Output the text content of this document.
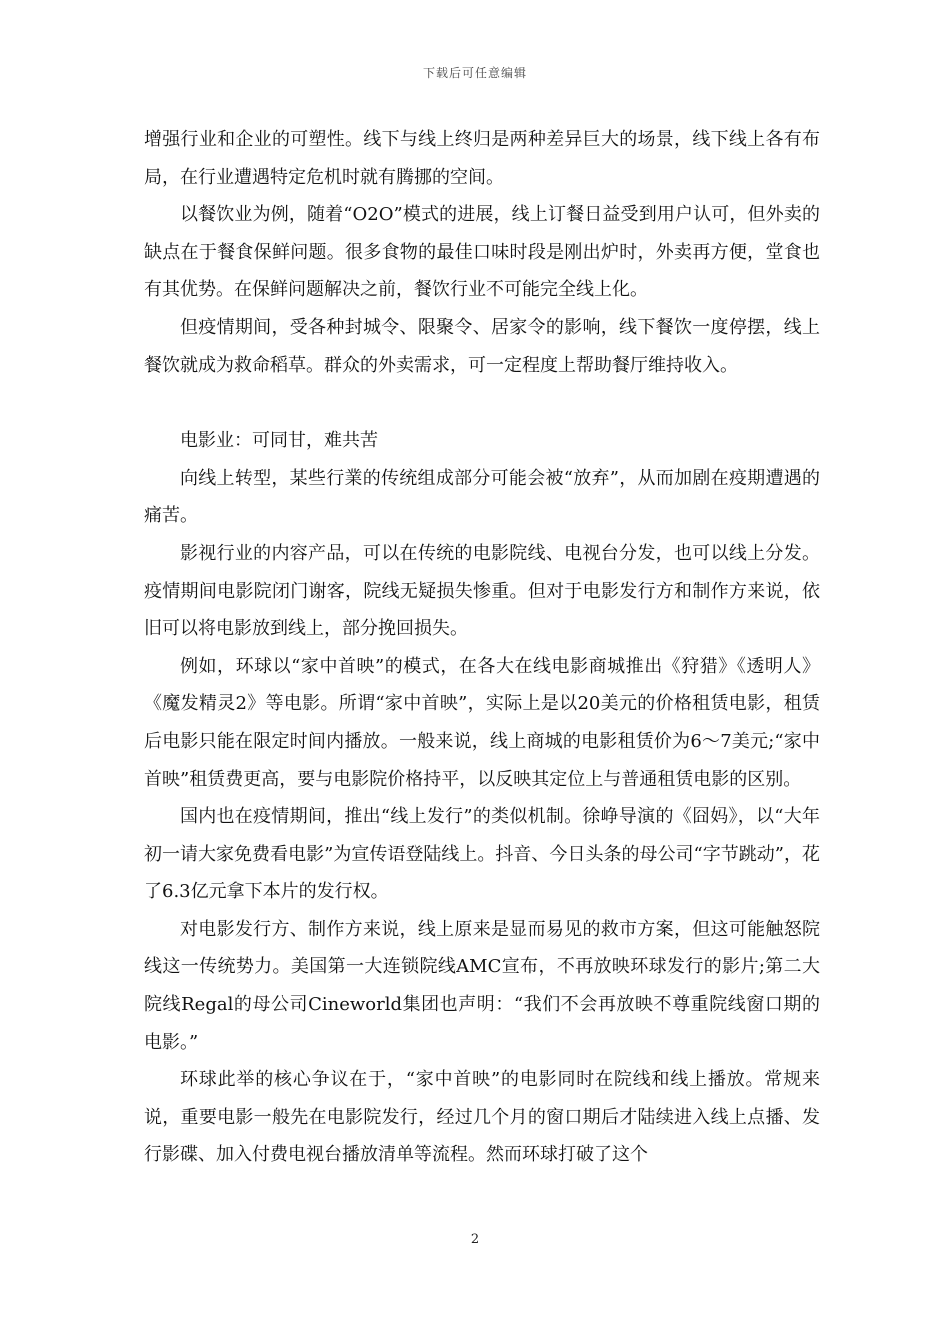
下载后可任意编辑

增强行业和企业的可塑性。线下与线上终归是两种差异巨大的场景，线下线上各有布局，在行业遭遇特定危机时就有腾挪的空间。

以餐饮业为例，随着“O2O”模式的进展，线上订餐日益受到用户认可，但外卖的缺点在于餐食保鲜问题。很多食物的最佳口味时段是刚出炉时，外卖再方便，堂食也有其优势。在保鲜问题解决之前，餐饮行业不可能完全线上化。

但疫情期间，受各种封城令、限聚令、居家令的影响，线下餐饮一度停摆，线上餐饮就成为救命稻草。群众的外卖需求，可一定程度上帮助餐厅维持收入。

电影业：可同甘，难共苦

向线上转型，某些行業的传统组成部分可能会被“放弃”，从而加剧在疫期遭遇的痛苦。

影视行业的内容产品，可以在传统的电影院线、电视台分发，也可以线上分发。疫情期间电影院闭门谢客，院线无疑损失惨重。但对于电影发行方和制作方来说，依旧可以将电影放到线上，部分挽回损失。

例如，环球以“家中首映”的模式，在各大在线电影商城推出《狩猎》《透明人》《魔发精灵2》等电影。所谓“家中首映”，实际上是以20美元的价格租赁电影，租赁后电影只能在限定时间内播放。一般来说，线上商城的电影租赁价为6～7美元;“家中首映”租赁费更高，要与电影院价格持平，以反映其定位上与普通租赁电影的区别。

国内也在疫情期间，推出“线上发行”的类似机制。徐峥导演的《囧妈》，以“大年初一请大家免费看电影”为宣传语登陆线上。抖音、今日头条的母公司“字节跳动”，花了6.3亿元拿下本片的发行权。

对电影发行方、制作方来说，线上原来是显而易见的救市方案，但这可能触怒院线这一传统势力。美国第一大连锁院线AMC宣布，不再放映环球发行的影片;第二大院线Regal的母公司Cineworld集团也声明：“我们不会再放映不尊重院线窗口期的电影。”

环球此举的核心争议在于，“家中首映”的电影同时在院线和线上播放。常规来说，重要电影一般先在电影院发行，经过几个月的窗口期后才陆续进入线上点播、发行影碟、加入付费电视台播放清单等流程。然而环球打破了这个

2
